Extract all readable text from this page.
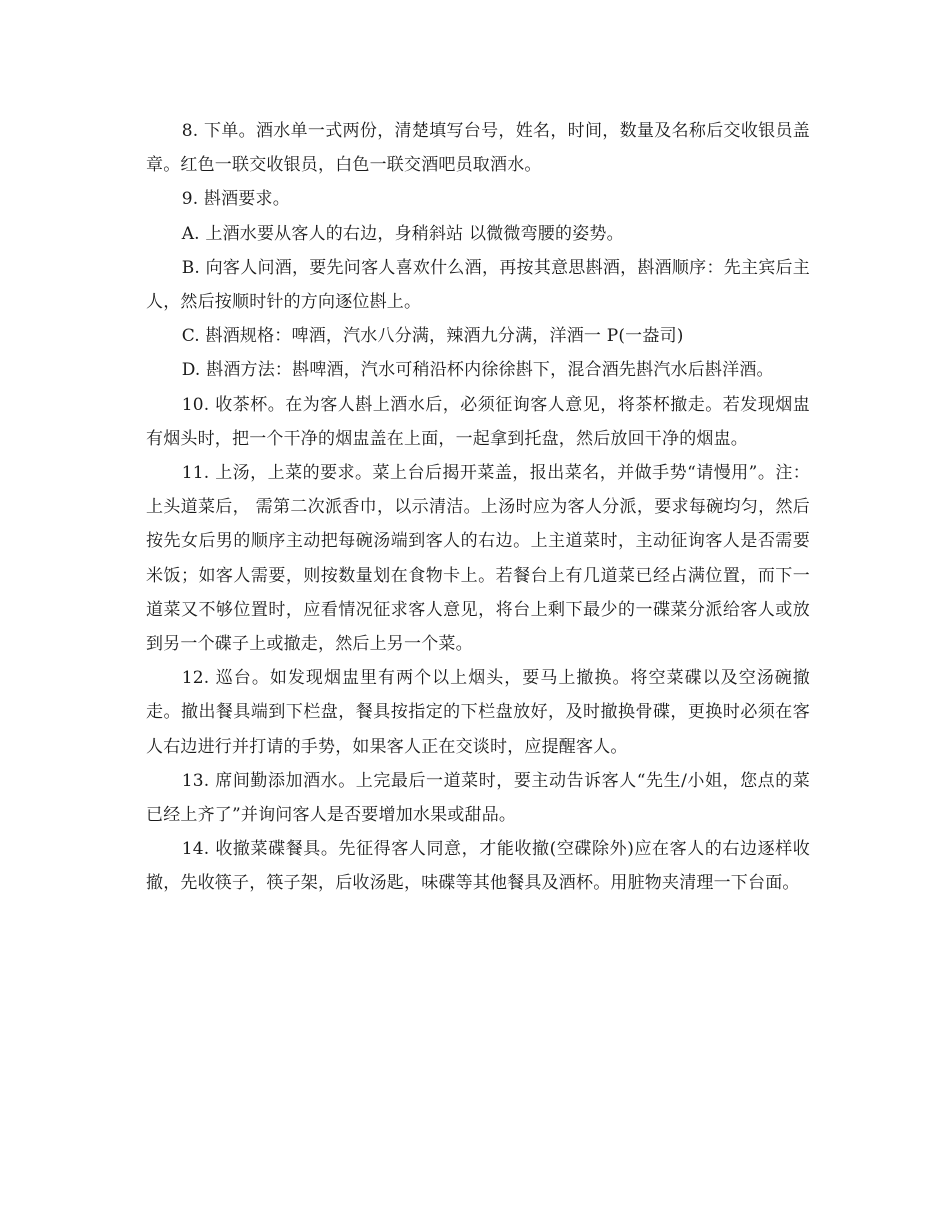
8. 下单。酒水单一式两份，清楚填写台号，姓名，时间，数量及名称后交收银员盖章。红色一联交收银员，白色一联交酒吧员取酒水。

9. 斟酒要求。

A. 上酒水要从客人的右边，身稍斜站 以微微弯腰的姿势。

B. 向客人问酒，要先问客人喜欢什么酒，再按其意思斟酒，斟酒顺序：先主宾后主人，然后按顺时针的方向逐位斟上。

C. 斟酒规格：啤酒，汽水八分满，辣酒九分满，洋酒一 P(一盎司)

D. 斟酒方法：斟啤酒，汽水可稍沿杯内徐徐斟下，混合酒先斟汽水后斟洋酒。

10. 收茶杯。在为客人斟上酒水后，必须征询客人意见，将茶杯撤走。若发现烟盅有烟头时，把一个干净的烟盅盖在上面，一起拿到托盘，然后放回干净的烟盅。

11. 上汤，上菜的要求。菜上台后揭开菜盖，报出菜名，并做手势“请慢用”。注：上头道菜后， 需第二次派香巾，以示清洁。上汤时应为客人分派，要求每碗均匀，然后按先女后男的顺序主动把每碗汤端到客人的右边。上主道菜时，主动征询客人是否需要米饭；如客人需要，则按数量划在食物卡上。若餐台上有几道菜已经占满位置，而下一道菜又不够位置时，应看情况征求客人意见，将台上剩下最少的一碟菜分派给客人或放到另一个碟子上或撤走，然后上另一个菜。

12. 巡台。如发现烟盅里有两个以上烟头，要马上撤换。将空菜碟以及空汤碗撤走。撤出餐具端到下栏盘，餐具按指定的下栏盘放好，及时撤换骨碟，更换时必须在客人右边进行并打请的手势，如果客人正在交谈时，应提醒客人。

13. 席间勤添加酒水。上完最后一道菜时，要主动告诉客人“先生/小姐，您点的菜已经上齐了”并询问客人是否要增加水果或甜品。

14. 收撤菜碟餐具。先征得客人同意，才能收撤(空碟除外)应在客人的右边逐样收撤，先收筷子，筷子架，后收汤匙，味碟等其他餐具及酒杯。用脏物夹清理一下台面。
